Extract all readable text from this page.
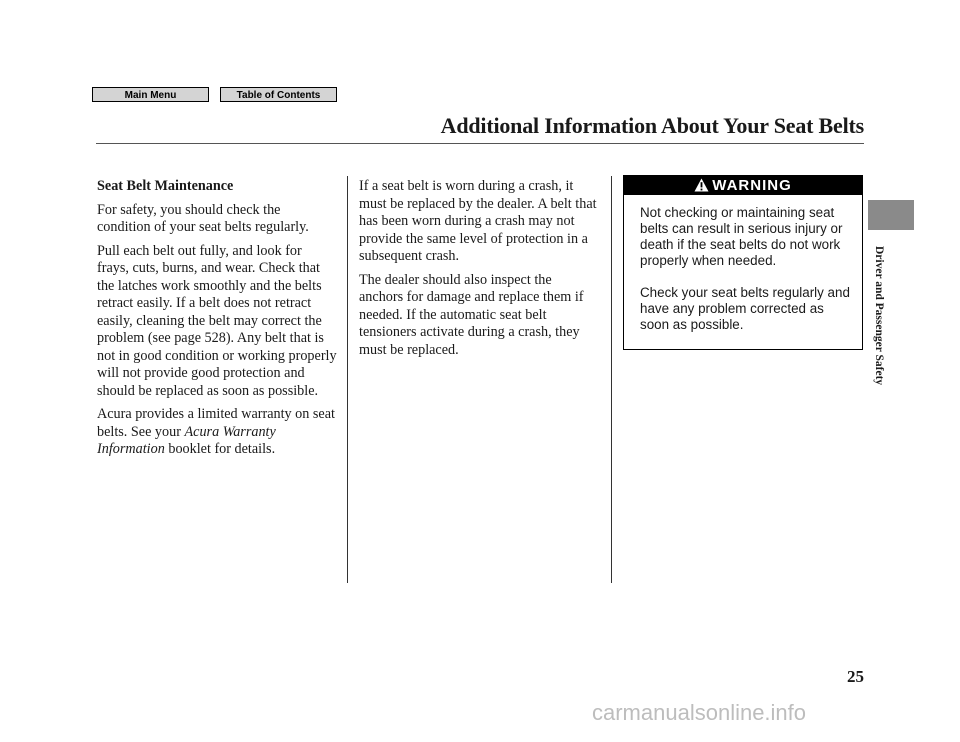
Main Menu	Table of Contents
Additional Information About Your Seat Belts

Seat Belt Maintenance

For safety, you should check the condition of your seat belts regularly.

Pull each belt out fully, and look for frays, cuts, burns, and wear. Check that the latches work smoothly and the belts retract easily. If a belt does not retract easily, cleaning the belt may correct the problem (see page 528). Any belt that is not in good condition or working properly will not provide good protection and should be replaced as soon as possible.

Acura provides a limited warranty on seat belts. See your Acura Warranty Information booklet for details.

If a seat belt is worn during a crash, it must be replaced by the dealer. A belt that has been worn during a crash may not provide the same level of protection in a subsequent crash.

The dealer should also inspect the anchors for damage and replace them if needed. If the automatic seat belt tensioners activate during a crash, they must be replaced.

WARNING

Not checking or maintaining seat belts can result in serious injury or death if the seat belts do not work properly when needed.

Check your seat belts regularly and have any problem corrected as soon as possible.	Driver and Passenger Safety
25
carmanualsonline.info
